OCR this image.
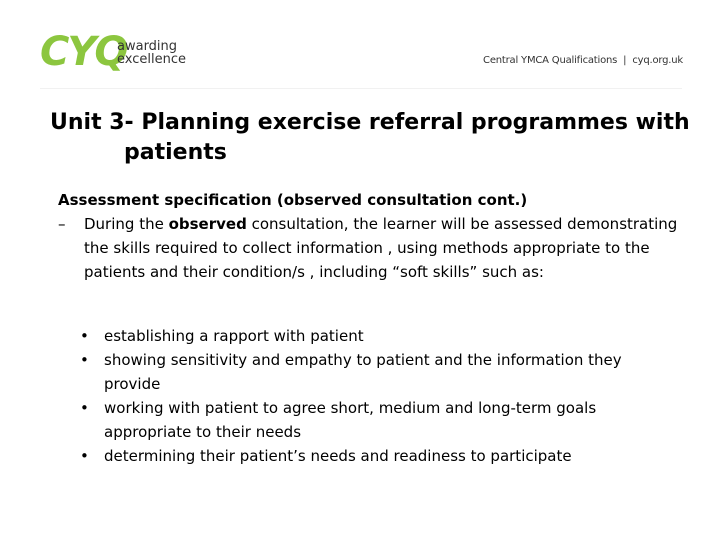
CYQ
awarding
excellence	Central YMCA Qualifications | cyq.org.uk
Unit 3- Planning exercise referral programmes with
patients

Assessment specification (observed consultation cont.)

– During the observed consultation, the learner will be assessed demonstrating the skills required to collect information , using methods appropriate to the patients and their condition/s , including “soft skills” such as:

• establishing a rapport with patient
• showing sensitivity and empathy to patient and the information they provide
• working with patient to agree short, medium and long-term goals appropriate to their needs
• determining their patient’s needs and readiness to participate
